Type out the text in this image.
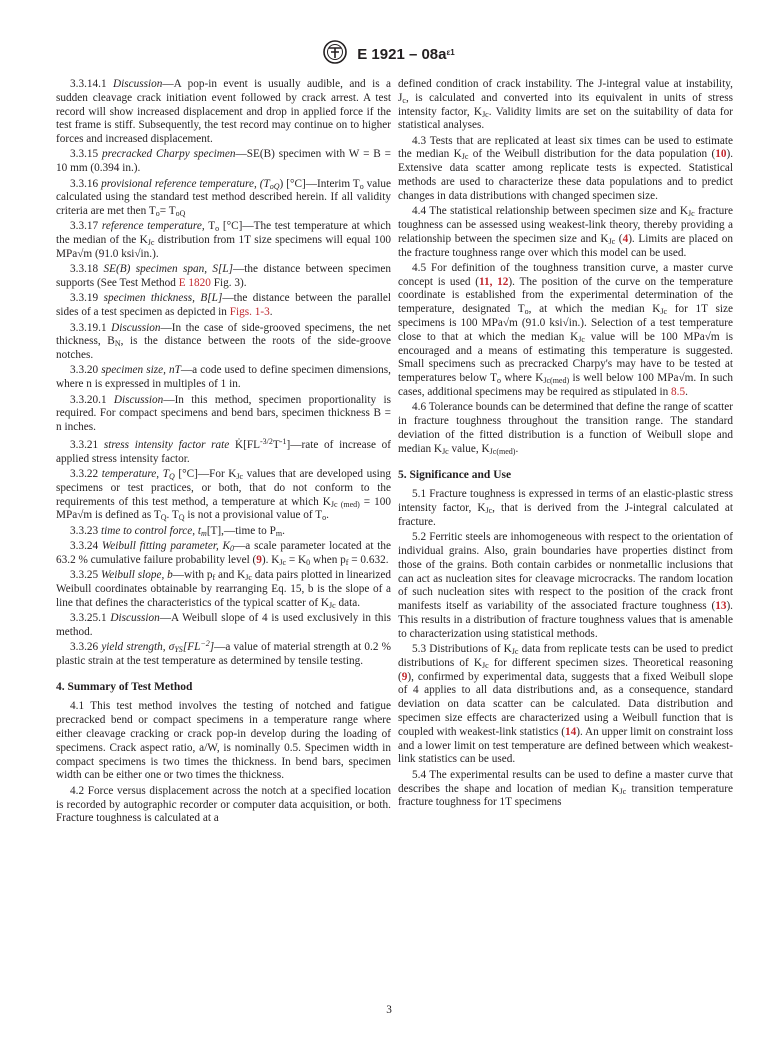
E $1921 - 08a^{\varepsilon 1}$

3.3.14.1 Discussion—A pop-in event is usually audible, and is a sudden cleavage crack initiation event followed by crack arrest. A test record will show increased displacement and drop in applied force if the test frame is stiff. Subsequently, the test record may continue on to higher forces and increased displacement.

3.3.15 precracked Charpy specimen—SE(B) specimen with W = B = 10 mm (0.394 in.).

3.3.16 provisional reference temperature, $(T_{oQ})$ [°C]—Interim $T_o$ value calculated using the standard test method described herein. If all validity criteria are met then $T_o= T_{oQ}$

3.3.17 reference temperature, $T_o$ [°C]—The test temperature at which the median of the $K_{Jc}$ distribution from 1T size specimens will equal 100 MPa√m (91.0 ksi√in.).

3.3.18 SE(B) specimen span, S[L]—the distance between specimen supports (See Test Method E 1820 Fig. 3).

3.3.19 specimen thickness, B[L]—the distance between the parallel sides of a test specimen as depicted in Figs. 1-3.

3.3.19.1 Discussion—In the case of side-grooved specimens, the net thickness, $B_N$, is the distance between the roots of the side-groove notches.

3.3.20 specimen size, nT—a code used to define specimen dimensions, where n is expressed in multiples of 1 in.

3.3.20.1 Discussion—In this method, specimen proportionality is required. For compact specimens and bend bars, specimen thickness B = n inches.

3.3.21 stress intensity factor rate $K̇[FL^{-3/2}T^{-1}]—rate$ of increase of applied stress intensity factor.

3.3.22 temperature, $T_Q$ [°C]—For $K_{Jc}$ values that are developed using specimens or test practices, or both, that do not conform to the requirements of this test method, a temperature at which $K_{Jc (med)} = 100$ MPa√m is defined as $T_Q$. $T_Q$ is not a provisional value of $T_o$.

3.3.23 time to control force, $t_m[T],—time$ to $P_m$.

3.3.24 Weibull fitting parameter, $K_0—a$ scale parameter located at the 63.2 % cumulative failure probability level (9). $K_{Jc} = K_0$ when $p_f = 0.632$.

3.3.25 Weibull slope, b—with $p_f$ and $K_{Jc}$ data pairs plotted in linearized Weibull coordinates obtainable by rearranging Eq. 15, b is the slope of a line that defines the characteristics of the typical scatter of $K_{Jc}$ data.

3.3.25.1 Discussion—A Weibull slope of 4 is used exclusively in this method.

3.3.26 yield strength, $\sigma_{YS}[FL^{-2}]—a$ value of material strength at 0.2 % plastic strain at the test temperature as determined by tensile testing.

4. Summary of Test Method

4.1 This test method involves the testing of notched and fatigue precracked bend or compact specimens in a temperature range where either cleavage cracking or crack pop-in develop during the loading of specimens. Crack aspect ratio, a/W, is nominally 0.5. Specimen width in compact specimens is two times the thickness. In bend bars, specimen width can be either one or two times the thickness.

4.2 Force versus displacement across the notch at a specified location is recorded by autographic recorder or computer data acquisition, or both. Fracture toughness is calculated at a

defined condition of crack instability. The J-integral value at instability, $J_c$, is calculated and converted into its equivalent in units of stress intensity factor, $K_{Jc}$. Validity limits are set on the suitability of data for statistical analyses.

4.3 Tests that are replicated at least six times can be used to estimate the median $K_{Jc}$ of the Weibull distribution for the data population (10). Extensive data scatter among replicate tests is expected. Statistical methods are used to characterize these data populations and to predict changes in data distributions with changed specimen size.

4.4 The statistical relationship between specimen size and $K_{Jc}$ fracture toughness can be assessed using weakest-link theory, thereby providing a relationship between the specimen size and $K_{Jc}$ (4). Limits are placed on the fracture toughness range over which this model can be used.

4.5 For definition of the toughness transition curve, a master curve concept is used (11, 12). The position of the curve on the temperature coordinate is established from the experimental determination of the temperature, designated $T_o$, at which the median $K_{Jc}$ for 1T size specimens is 100 MPa√m (91.0 ksi√in.). Selection of a test temperature close to that at which the median $K_{Jc}$ value will be 100 MPa√m is encouraged and a means of estimating this temperature is suggested. Small specimens such as precracked Charpy's may have to be tested at temperatures below $T_o$ where $K_{Jc(med)}$ is well below 100 MPa√m. In such cases, additional specimens may be required as stipulated in 8.5.

4.6 Tolerance bounds can be determined that define the range of scatter in fracture toughness throughout the transition range. The standard deviation of the fitted distribution is a function of Weibull slope and median $K_{Jc}$ value, $K_{Jc(med)}$.

5. Significance and Use

5.1 Fracture toughness is expressed in terms of an elastic-plastic stress intensity factor, $K_{Jc}$, that is derived from the J-integral calculated at fracture.

5.2 Ferritic steels are inhomogeneous with respect to the orientation of individual grains. Also, grain boundaries have properties distinct from those of the grains. Both contain carbides or nonmetallic inclusions that can act as nucleation sites for cleavage microcracks. The random location of such nucleation sites with respect to the position of the crack front manifests itself as variability of the associated fracture toughness (13). This results in a distribution of fracture toughness values that is amenable to characterization using statistical methods.

5.3 Distributions of $K_{Jc}$ data from replicate tests can be used to predict distributions of $K_{Jc}$ for different specimen sizes. Theoretical reasoning (9), confirmed by experimental data, suggests that a fixed Weibull slope of 4 applies to all data distributions and, as a consequence, standard deviation on data scatter can be calculated. Data distribution and specimen size effects are characterized using a Weibull function that is coupled with weakest-link statistics (14). An upper limit on constraint loss and a lower limit on test temperature are defined between which weakest-link statistics can be used.

5.4 The experimental results can be used to define a master curve that describes the shape and location of median $K_{Jc}$ transition temperature fracture toughness for 1T specimens

3
